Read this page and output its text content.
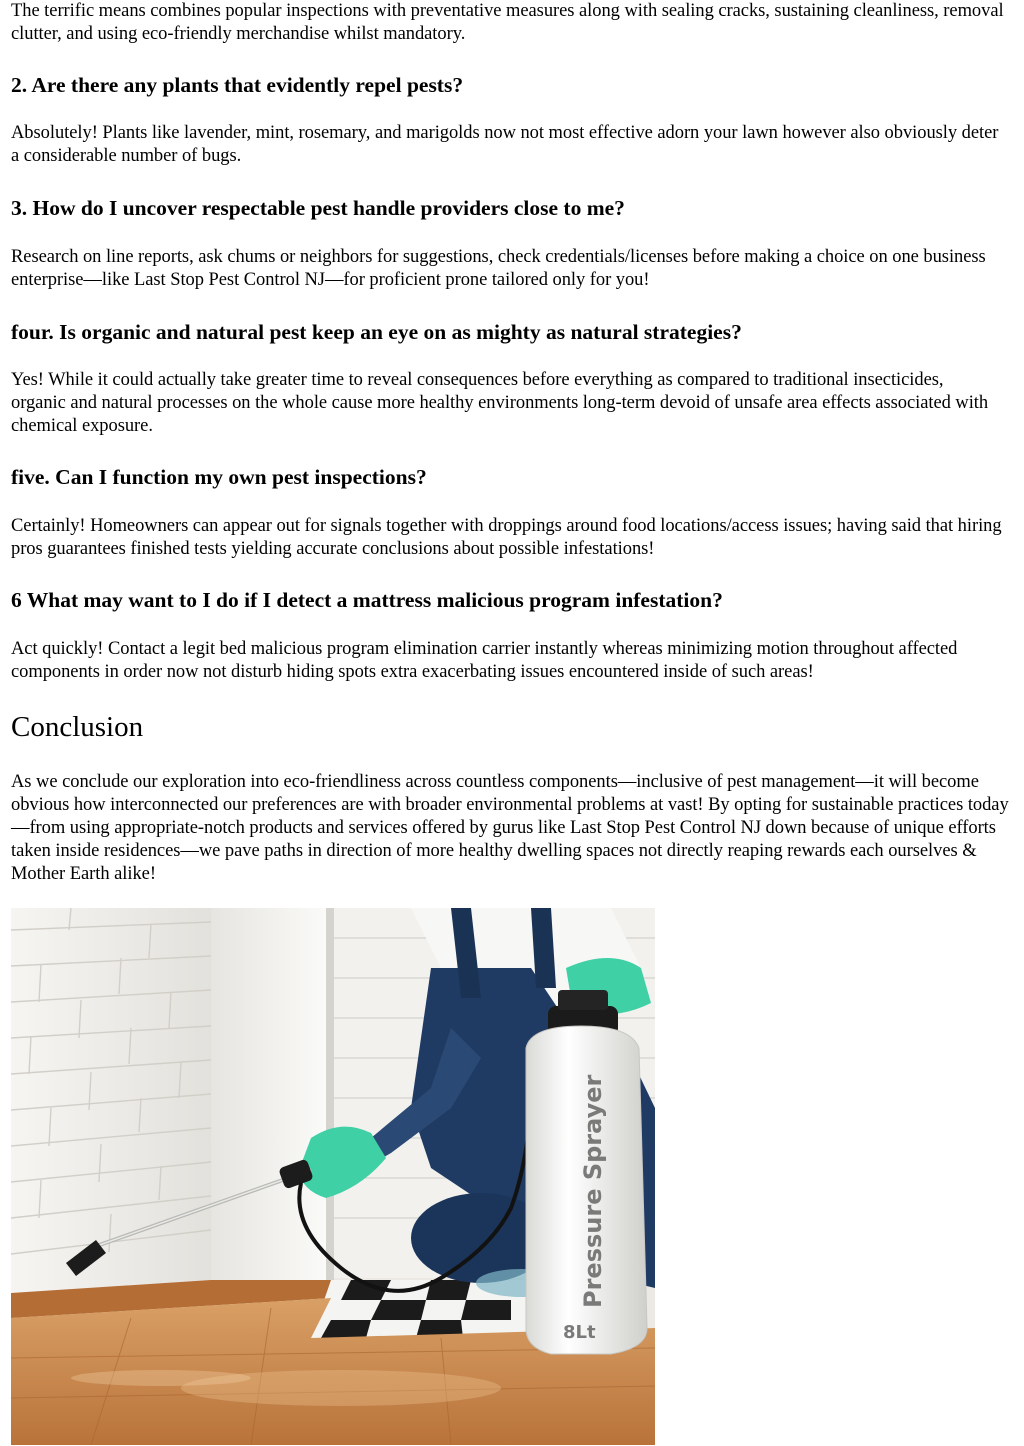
The terrific means combines popular inspections with preventative measures along with sealing cracks, sustaining cleanliness, removal clutter, and using eco-friendly merchandise whilst mandatory.

2. Are there any plants that evidently repel pests?

Absolutely! Plants like lavender, mint, rosemary, and marigolds now not most effective adorn your lawn however also obviously deter a considerable number of bugs.

3. How do I uncover respectable pest handle providers close to me?

Research on line reports, ask chums or neighbors for suggestions, check credentials/licenses before making a choice on one business enterprise—like Last Stop Pest Control NJ—for proficient prone tailored only for you!

four. Is organic and natural pest keep an eye on as mighty as natural strategies?

Yes! While it could actually take greater time to reveal consequences before everything as compared to traditional insecticides, organic and natural processes on the whole cause more healthy environments long-term devoid of unsafe area effects associated with chemical exposure.

five. Can I function my own pest inspections?

Certainly! Homeowners can appear out for signals together with droppings around food locations/access issues; having said that hiring pros guarantees finished tests yielding accurate conclusions about possible infestations!

6 What may want to I do if I detect a mattress malicious program infestation?

Act quickly! Contact a legit bed malicious program elimination carrier instantly whereas minimizing motion throughout affected components in order now not disturb hiding spots extra exacerbating issues encountered inside of such areas!

Conclusion

As we conclude our exploration into eco-friendliness across countless components—inclusive of pest management—it will become obvious how interconnected our preferences are with broader environmental problems at vast! By opting for sustainable practices today—from using appropriate-notch products and services offered by gurus like Last Stop Pest Control NJ down because of unique efforts taken inside residences—we pave paths in direction of more healthy dwelling spaces not directly reaping rewards each ourselves & Mother Earth alike!

Pressure Sprayer
8Lt
